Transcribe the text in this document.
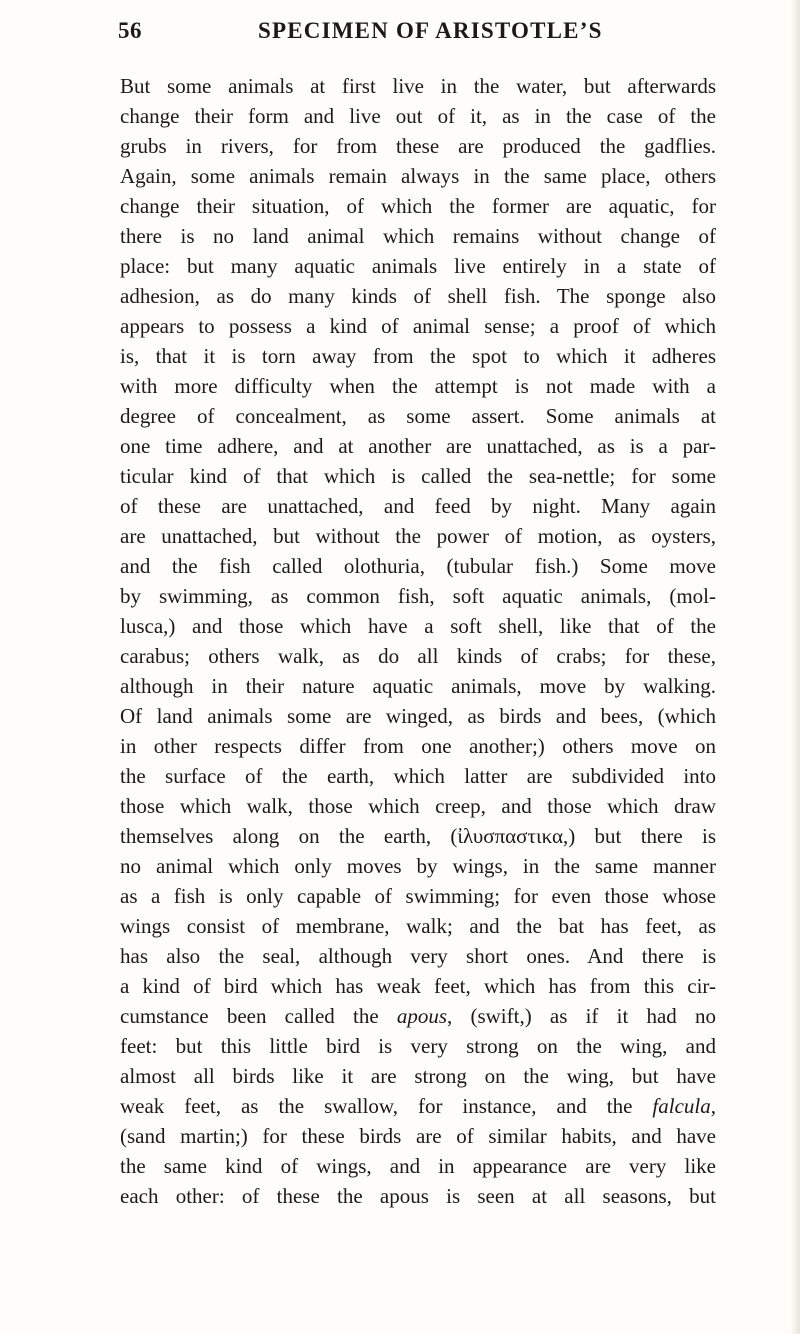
56	SPECIMEN OF ARISTOTLE’S
But some animals at first live in the water, but afterwards
change their form and live out of it, as in the case of the
grubs in rivers, for from these are produced the gadflies.
Again, some animals remain always in the same place, others
change their situation, of which the former are aquatic, for
there is no land animal which remains without change of
place: but many aquatic animals live entirely in a state of
adhesion, as do many kinds of shell fish. The sponge also
appears to possess a kind of animal sense; a proof of which
is, that it is torn away from the spot to which it adheres
with more difficulty when the attempt is not made with a
degree of concealment, as some assert. Some animals at
one time adhere, and at another are unattached, as is a par-
ticular kind of that which is called the sea-nettle; for some
of these are unattached, and feed by night. Many again
are unattached, but without the power of motion, as oysters,
and the fish called olothuria, (tubular fish.) Some move
by swimming, as common fish, soft aquatic animals, (mol-
lusca,) and those which have a soft shell, like that of the
carabus; others walk, as do all kinds of crabs; for these,
although in their nature aquatic animals, move by walking.
Of land animals some are winged, as birds and bees, (which
in other respects differ from one another;) others move on
the surface of the earth, which latter are subdivided into
those which walk, those which creep, and those which draw
themselves along on the earth, (ἰλυσπαστικα,) but there is
no animal which only moves by wings, in the same manner
as a fish is only capable of swimming; for even those whose
wings consist of membrane, walk; and the bat has feet, as
has also the seal, although very short ones. And there is
a kind of bird which has weak feet, which has from this cir-
cumstance been called the apous, (swift,) as if it had no
feet: but this little bird is very strong on the wing, and
almost all birds like it are strong on the wing, but have
weak feet, as the swallow, for instance, and the falcula,
(sand martin;) for these birds are of similar habits, and have
the same kind of wings, and in appearance are very like
each other: of these the apous is seen at all seasons, but
